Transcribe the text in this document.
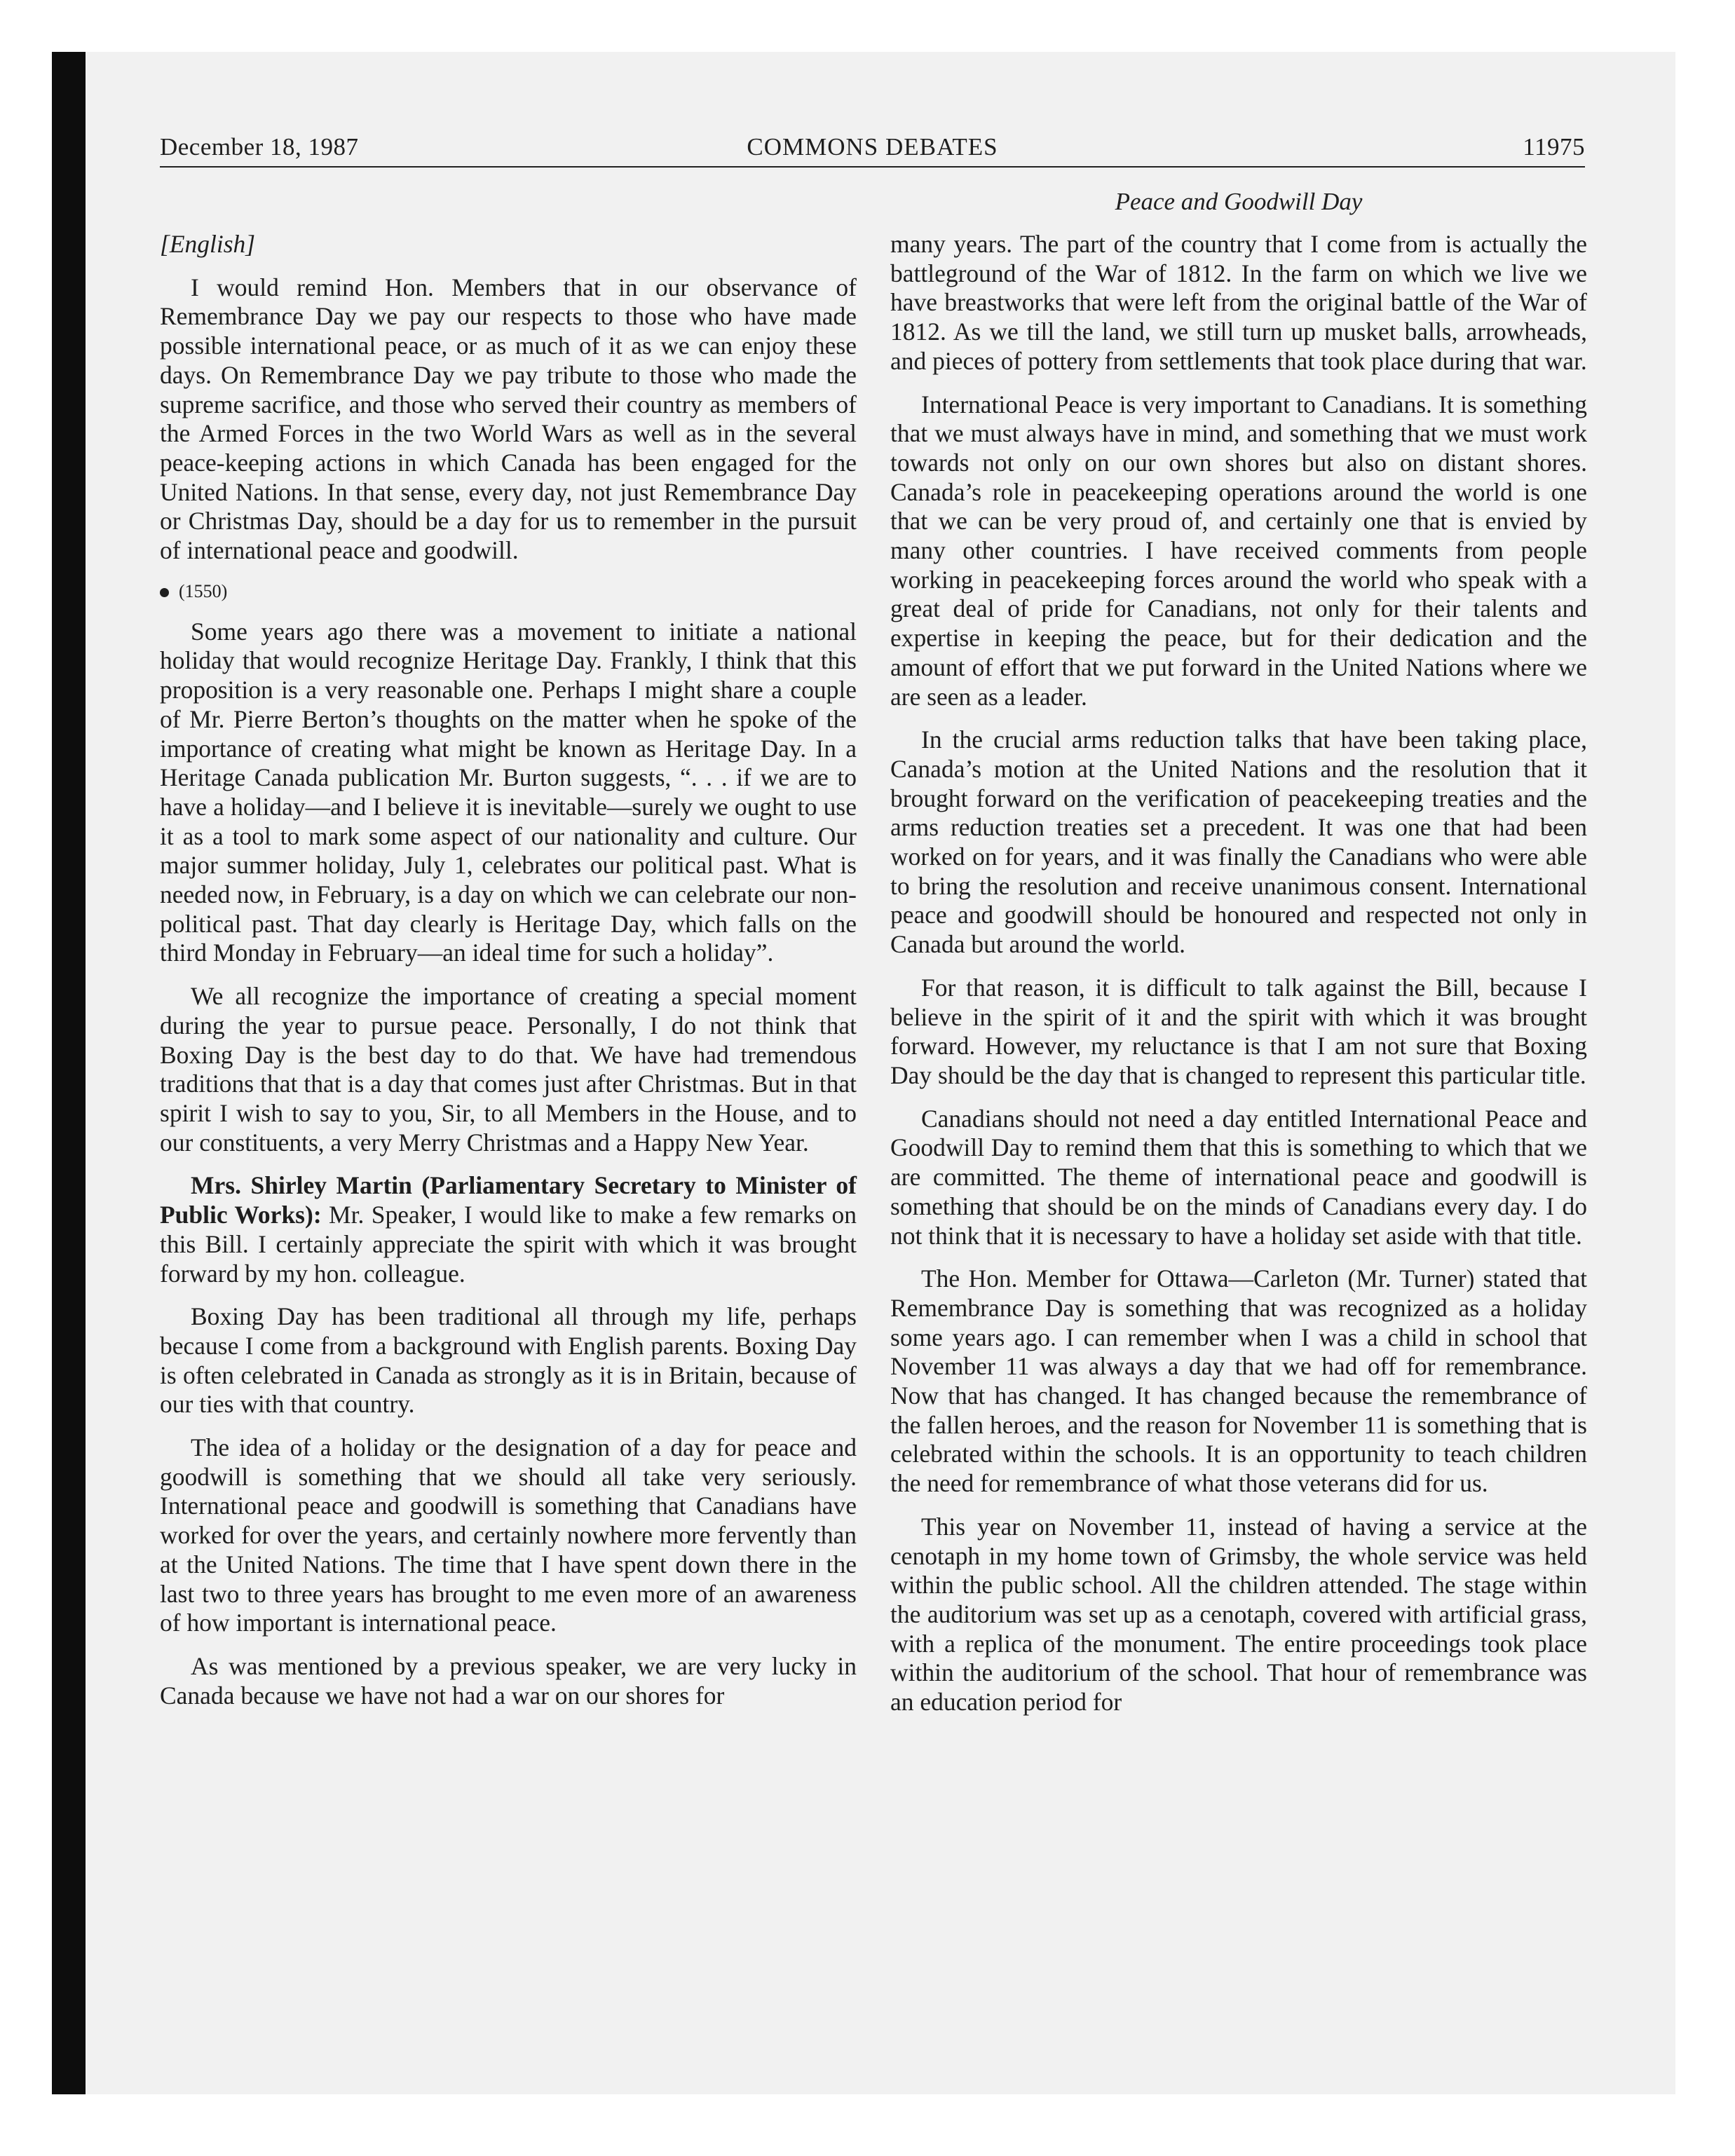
December 18, 1987	COMMONS DEBATES	11975
Peace and Goodwill Day

[English]

I would remind Hon. Members that in our observance of Remembrance Day we pay our respects to those who have made possible international peace, or as much of it as we can enjoy these days. On Remembrance Day we pay tribute to those who made the supreme sacrifice, and those who served their country as members of the Armed Forces in the two World Wars as well as in the several peace-keeping actions in which Canada has been engaged for the United Nations. In that sense, every day, not just Remembrance Day or Christmas Day, should be a day for us to remember in the pursuit of international peace and goodwill.

(1550)

Some years ago there was a movement to initiate a national holiday that would recognize Heritage Day. Frankly, I think that this proposition is a very reasonable one. Perhaps I might share a couple of Mr. Pierre Berton’s thoughts on the matter when he spoke of the importance of creating what might be known as Heritage Day. In a Heritage Canada publication Mr. Burton suggests, “. . . if we are to have a holiday—and I believe it is inevitable—surely we ought to use it as a tool to mark some aspect of our nationality and culture. Our major summer holiday, July 1, celebrates our political past. What is needed now, in February, is a day on which we can celebrate our non-political past. That day clearly is Heritage Day, which falls on the third Monday in February—an ideal time for such a holiday”.

We all recognize the importance of creating a special moment during the year to pursue peace. Personally, I do not think that Boxing Day is the best day to do that. We have had tremendous traditions that that is a day that comes just after Christmas. But in that spirit I wish to say to you, Sir, to all Members in the House, and to our constituents, a very Merry Christmas and a Happy New Year.

Mrs. Shirley Martin (Parliamentary Secretary to Minister of Public Works): Mr. Speaker, I would like to make a few remarks on this Bill. I certainly appreciate the spirit with which it was brought forward by my hon. colleague.

Boxing Day has been traditional all through my life, perhaps because I come from a background with English parents. Boxing Day is often celebrated in Canada as strongly as it is in Britain, because of our ties with that country.

The idea of a holiday or the designation of a day for peace and goodwill is something that we should all take very seriously. International peace and goodwill is something that Canadians have worked for over the years, and certainly nowhere more fervently than at the United Nations. The time that I have spent down there in the last two to three years has brought to me even more of an awareness of how important is international peace.

As was mentioned by a previous speaker, we are very lucky in Canada because we have not had a war on our shores for

many years. The part of the country that I come from is actually the battleground of the War of 1812. In the farm on which we live we have breastworks that were left from the original battle of the War of 1812. As we till the land, we still turn up musket balls, arrowheads, and pieces of pottery from settlements that took place during that war.

International Peace is very important to Canadians. It is something that we must always have in mind, and something that we must work towards not only on our own shores but also on distant shores. Canada’s role in peacekeeping operations around the world is one that we can be very proud of, and certainly one that is envied by many other countries. I have received comments from people working in peacekeeping forces around the world who speak with a great deal of pride for Canadians, not only for their talents and expertise in keeping the peace, but for their dedication and the amount of effort that we put forward in the United Nations where we are seen as a leader.

In the crucial arms reduction talks that have been taking place, Canada’s motion at the United Nations and the resolution that it brought forward on the verification of peacekeeping treaties and the arms reduction treaties set a precedent. It was one that had been worked on for years, and it was finally the Canadians who were able to bring the resolution and receive unanimous consent. International peace and goodwill should be honoured and respected not only in Canada but around the world.

For that reason, it is difficult to talk against the Bill, because I believe in the spirit of it and the spirit with which it was brought forward. However, my reluctance is that I am not sure that Boxing Day should be the day that is changed to represent this particular title.

Canadians should not need a day entitled International Peace and Goodwill Day to remind them that this is something to which that we are committed. The theme of international peace and goodwill is something that should be on the minds of Canadians every day. I do not think that it is necessary to have a holiday set aside with that title.

The Hon. Member for Ottawa—Carleton (Mr. Turner) stated that Remembrance Day is something that was recognized as a holiday some years ago. I can remember when I was a child in school that November 11 was always a day that we had off for remembrance. Now that has changed. It has changed because the remembrance of the fallen heroes, and the reason for November 11 is something that is celebrated within the schools. It is an opportunity to teach children the need for remembrance of what those veterans did for us.

This year on November 11, instead of having a service at the cenotaph in my home town of Grimsby, the whole service was held within the public school. All the children attended. The stage within the auditorium was set up as a cenotaph, covered with artificial grass, with a replica of the monument. The entire proceedings took place within the auditorium of the school. That hour of remembrance was an education period for
